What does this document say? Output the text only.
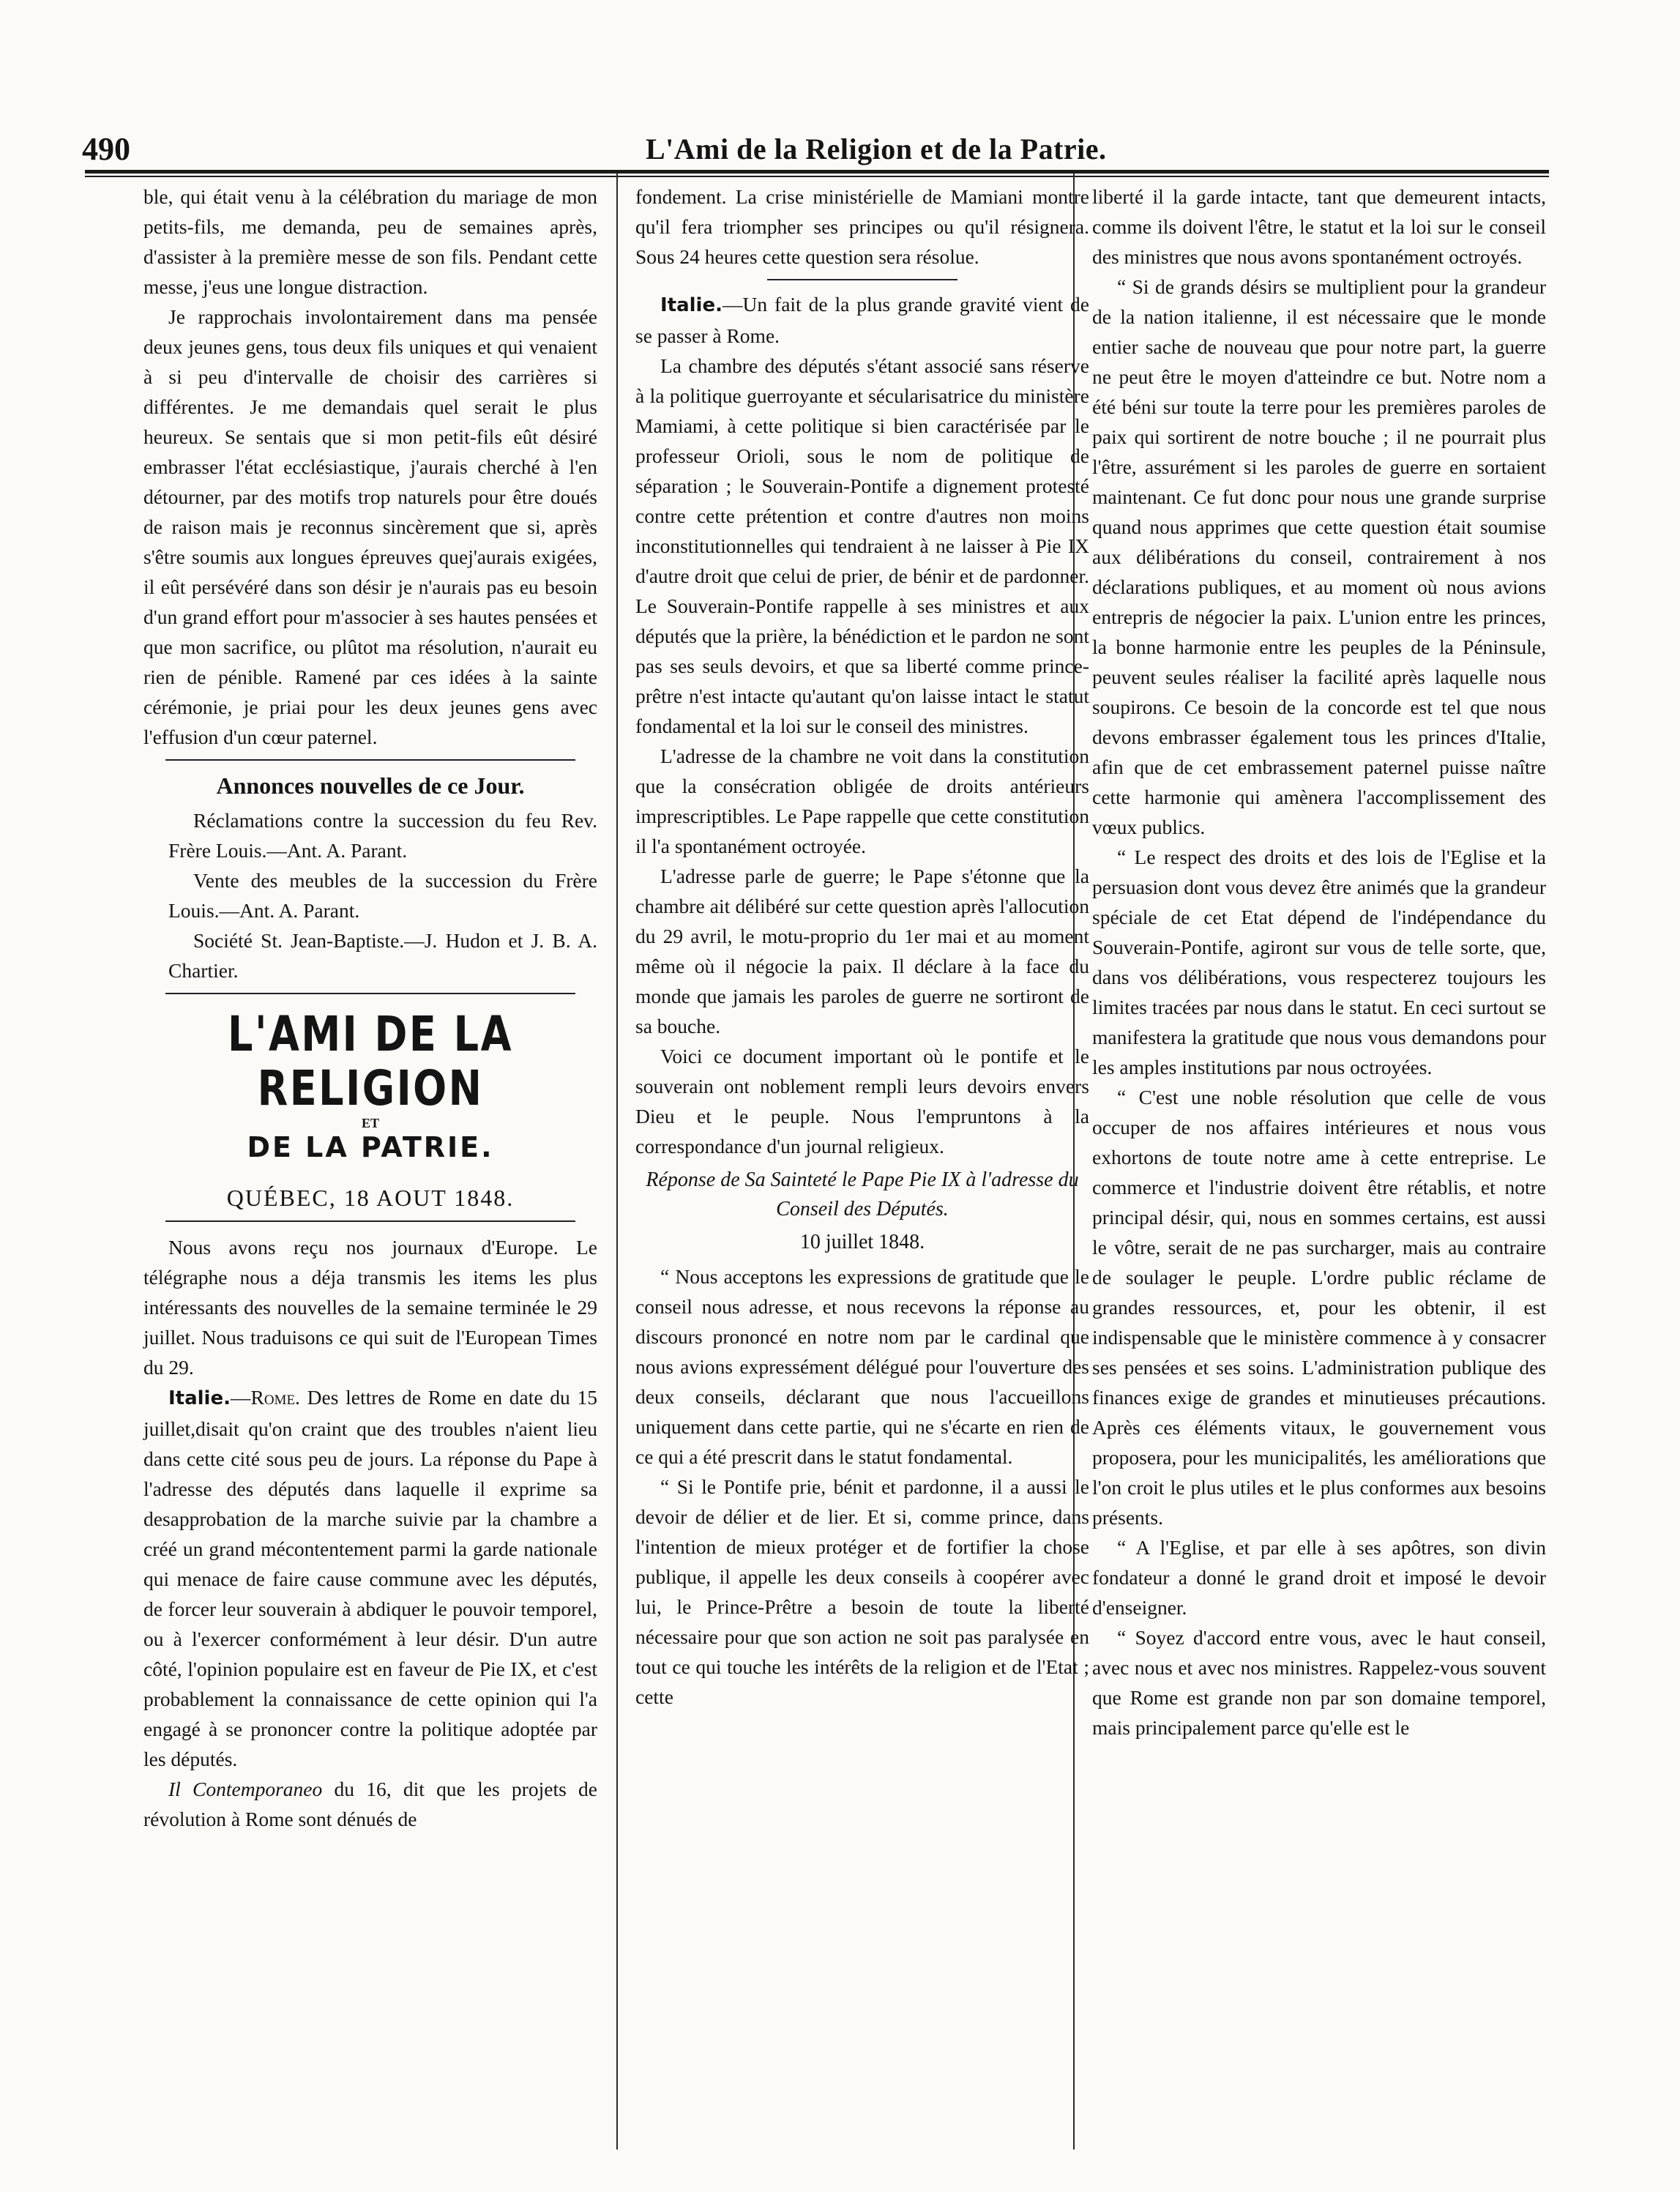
490	L'Ami de la Religion et de la Patrie.

ble, qui était venu à la célébration du mariage de mon petits-fils, me demanda, peu de semaines après, d'assister à la première messe de son fils. Pendant cette messe, j'eus une longue distraction.

Je rapprochais involontairement dans ma pensée deux jeunes gens, tous deux fils uniques et qui venaient à si peu d'intervalle de choisir des carrières si différentes. Je me demandais quel serait le plus heureux. Se sentais que si mon petit-fils eût désiré embrasser l'état ecclésiastique, j'aurais cherché à l'en détourner, par des motifs trop naturels pour être doués de raison mais je reconnus sincèrement que si, après s'être soumis aux longues épreuves quej'aurais exigées, il eût persévéré dans son désir je n'aurais pas eu besoin d'un grand effort pour m'associer à ses hautes pensées et que mon sacrifice, ou plûtot ma résolution, n'aurait eu rien de pénible. Ramené par ces idées à la sainte cérémonie, je priai pour les deux jeunes gens avec l'effusion d'un cœur paternel.

Annonces nouvelles de ce Jour.

Réclamations contre la succession du feu Rev. Frère Louis.—Ant. A. Parant.

Vente des meubles de la succession du Frère Louis.—Ant. A. Parant.

Société St. Jean-Baptiste.—J. Hudon et J. B. A. Chartier.

L'AMI DE LA RELIGION
ET
DE LA PATRIE.
QUÉBEC, 18 AOUT 1848.

Nous avons reçu nos journaux d'Europe. Le télégraphe nous a déja transmis les items les plus intéressants des nouvelles de la semaine terminée le 29 juillet. Nous traduisons ce qui suit de l'European Times du 29.

Italie.—Rome. Des lettres de Rome en date du 15 juillet,disait qu'on craint que des troubles n'aient lieu dans cette cité sous peu de jours. La réponse du Pape à l'adresse des députés dans laquelle il exprime sa desapprobation de la marche suivie par la chambre a créé un grand mécontentement parmi la garde nationale qui menace de faire cause commune avec les députés, de forcer leur souverain à abdiquer le pouvoir temporel, ou à l'exercer conformément à leur désir. D'un autre côté, l'opinion populaire est en faveur de Pie IX, et c'est probablement la connaissance de cette opinion qui l'a engagé à se prononcer contre la politique adoptée par les députés.

Il Contemporaneo du 16, dit que les projets de révolution à Rome sont dénués de

fondement. La crise ministérielle de Mamiani montre qu'il fera triompher ses principes ou qu'il résignera. Sous 24 heures cette question sera résolue.

Italie.—Un fait de la plus grande gravité vient de se passer à Rome.

La chambre des députés s'étant associé sans réserve à la politique guerroyante et sécularisatrice du ministère Mamiami, à cette politique si bien caractérisée par le professeur Orioli, sous le nom de politique de séparation ; le Souverain-Pontife a dignement protesté contre cette prétention et contre d'autres non moins inconstitutionnelles qui tendraient à ne laisser à Pie IX d'autre droit que celui de prier, de bénir et de pardonner. Le Souverain-Pontife rappelle à ses ministres et aux députés que la prière, la bénédiction et le pardon ne sont pas ses seuls devoirs, et que sa liberté comme prince-prêtre n'est intacte qu'autant qu'on laisse intact le statut fondamental et la loi sur le conseil des ministres.

L'adresse de la chambre ne voit dans la constitution que la consécration obligée de droits antérieurs imprescriptibles. Le Pape rappelle que cette constitution il l'a spontanément octroyée.

L'adresse parle de guerre; le Pape s'étonne que la chambre ait délibéré sur cette question après l'allocution du 29 avril, le motu-proprio du 1er mai et au moment même où il négocie la paix. Il déclare à la face du monde que jamais les paroles de guerre ne sortiront de sa bouche.

Voici ce document important où le pontife et le souverain ont noblement rempli leurs devoirs envers Dieu et le peuple. Nous l'empruntons à la correspondance d'un journal religieux.

Réponse de Sa Sainteté le Pape Pie IX à l'adresse du Conseil des Députés.
10 juillet 1848.

“ Nous acceptons les expressions de gratitude que le conseil nous adresse, et nous recevons la réponse au discours prononcé en notre nom par le cardinal que nous avions expressément délégué pour l'ouverture des deux conseils, déclarant que nous l'accueillons uniquement dans cette partie, qui ne s'écarte en rien de ce qui a été prescrit dans le statut fondamental.

“ Si le Pontife prie, bénit et pardonne, il a aussi le devoir de délier et de lier. Et si, comme prince, dans l'intention de mieux protéger et de fortifier la chose publique, il appelle les deux conseils à coopérer avec lui, le Prince-Prêtre a besoin de toute la liberté nécessaire pour que son action ne soit pas paralysée en tout ce qui touche les intérêts de la religion et de l'Etat ; cette

liberté il la garde intacte, tant que demeurent intacts, comme ils doivent l'être, le statut et la loi sur le conseil des ministres que nous avons spontanément octroyés.

“ Si de grands désirs se multiplient pour la grandeur de la nation italienne, il est nécessaire que le monde entier sache de nouveau que pour notre part, la guerre ne peut être le moyen d'atteindre ce but. Notre nom a été béni sur toute la terre pour les premières paroles de paix qui sortirent de notre bouche ; il ne pourrait plus l'être, assurément si les paroles de guerre en sortaient maintenant. Ce fut donc pour nous une grande surprise quand nous apprimes que cette question était soumise aux délibérations du conseil, contrairement à nos déclarations publiques, et au moment où nous avions entrepris de négocier la paix. L'union entre les princes, la bonne harmonie entre les peuples de la Péninsule, peuvent seules réaliser la facilité après laquelle nous soupirons. Ce besoin de la concorde est tel que nous devons embrasser également tous les princes d'Italie, afin que de cet embrassement paternel puisse naître cette harmonie qui amènera l'accomplissement des vœux publics.

“ Le respect des droits et des lois de l'Eglise et la persuasion dont vous devez être animés que la grandeur spéciale de cet Etat dépend de l'indépendance du Souverain-Pontife, agiront sur vous de telle sorte, que, dans vos délibérations, vous respecterez toujours les limites tracées par nous dans le statut. En ceci surtout se manifestera la gratitude que nous vous demandons pour les amples institutions par nous octroyées.

“ C'est une noble résolution que celle de vous occuper de nos affaires intérieures et nous vous exhortons de toute notre ame à cette entreprise. Le commerce et l'industrie doivent être rétablis, et notre principal désir, qui, nous en sommes certains, est aussi le vôtre, serait de ne pas surcharger, mais au contraire de soulager le peuple. L'ordre public réclame de grandes ressources, et, pour les obtenir, il est indispensable que le ministère commence à y consacrer ses pensées et ses soins. L'administration publique des finances exige de grandes et minutieuses précautions. Après ces éléments vitaux, le gouvernement vous proposera, pour les municipalités, les améliorations que l'on croit le plus utiles et le plus conformes aux besoins présents.

“ A l'Eglise, et par elle à ses apôtres, son divin fondateur a donné le grand droit et imposé le devoir d'enseigner.

“ Soyez d'accord entre vous, avec le haut conseil, avec nous et avec nos ministres. Rappelez-vous souvent que Rome est grande non par son domaine temporel, mais principalement parce qu'elle est le
